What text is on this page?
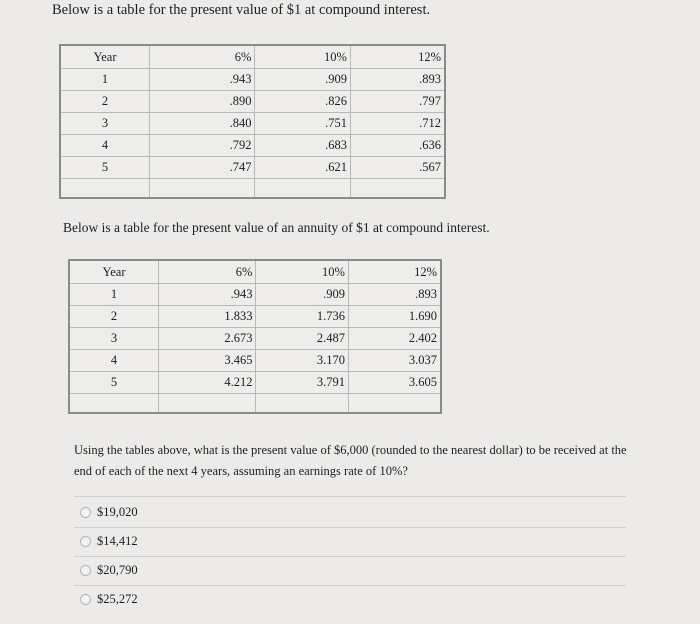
Below is a table for the present value of $1 at compound interest.
Year	6%	10%	12%
1	.943	.909	.893
2	.890	.826	.797
3	.840	.751	.712
4	.792	.683	.636
5	.747	.621	.567

Below is a table for the present value of an annuity of $1 at compound interest.
Year	6%	10%	12%
1	.943	.909	.893
2	1.833	1.736	1.690
3	2.673	2.487	2.402
4	3.465	3.170	3.037
5	4.212	3.791	3.605

Using the tables above, what is the present value of $6,000 (rounded to the nearest dollar) to be received at the end of each of the next 4 years, assuming an earnings rate of 10%?
$19,020
$14,412
$20,790
$25,272
